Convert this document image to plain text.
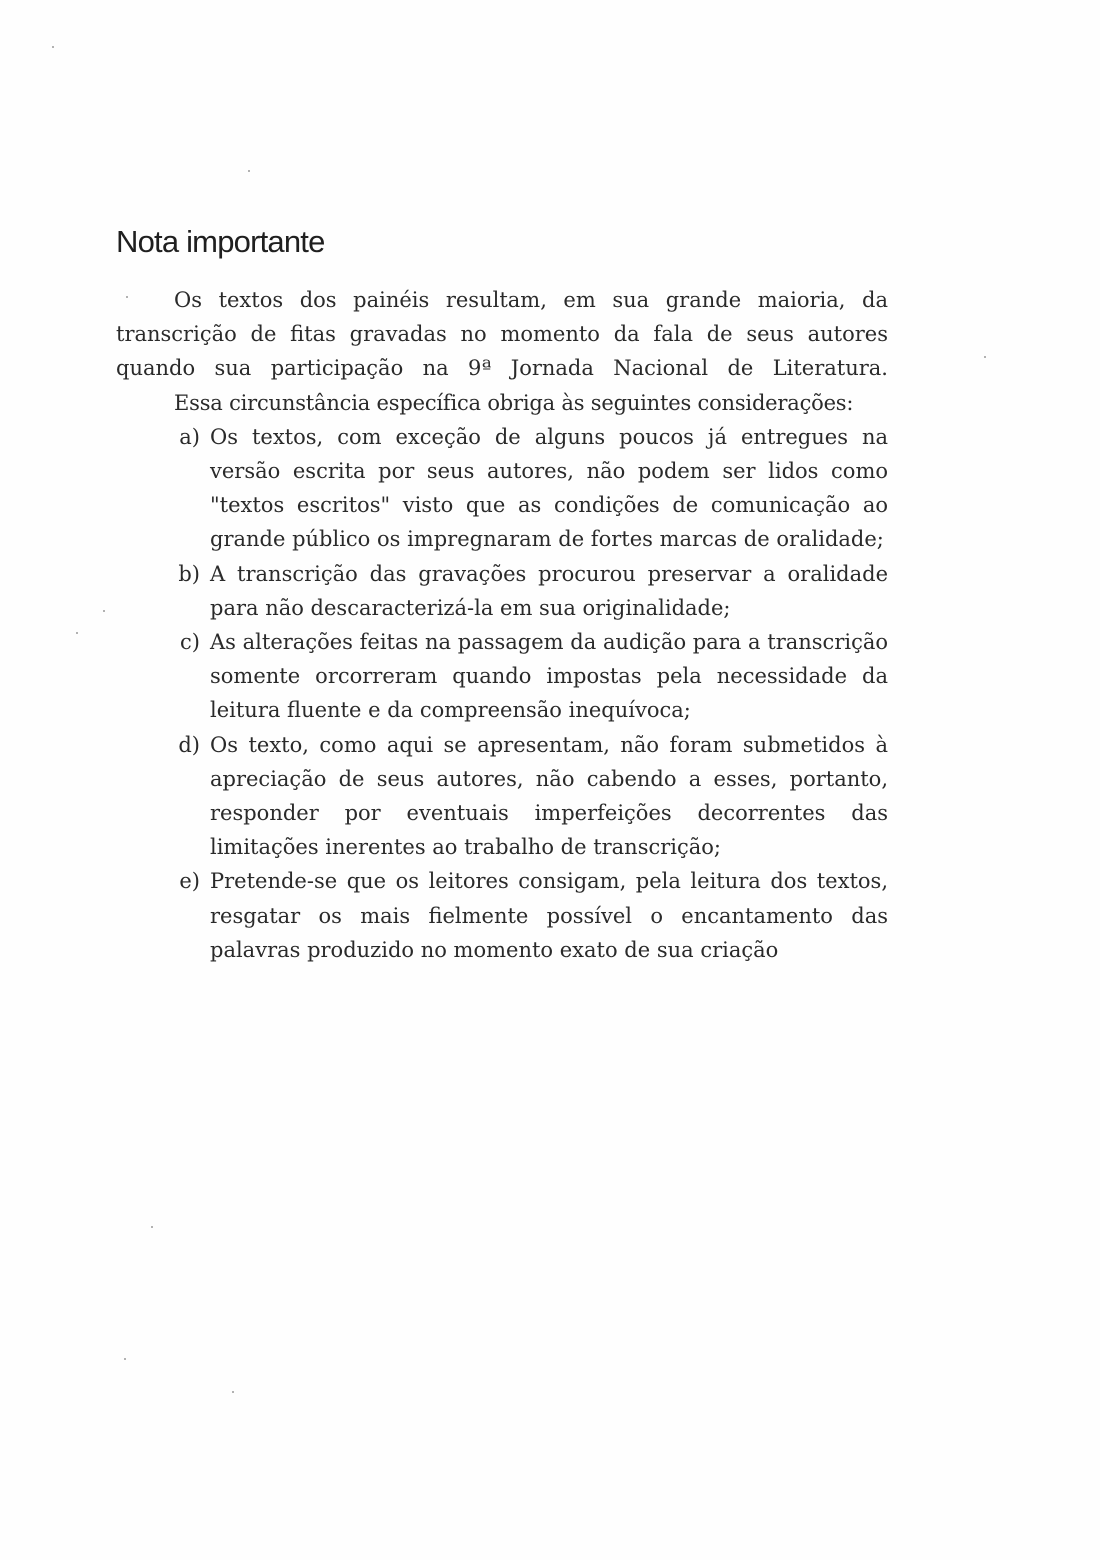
Nota importante

Os textos dos painéis resultam, em sua grande maioria, da transcrição de fitas gravadas no momento da fala de seus autores quando sua participação na 9ª Jornada Nacional de Literatura.

Essa circunstância específica obriga às seguintes considerações:

a) Os textos, com exceção de alguns poucos já entregues na versão escrita por seus autores, não podem ser lidos como "textos escritos" visto que as condições de comunicação ao grande público os impregnaram de fortes marcas de oralidade;
b) A transcrição das gravações procurou preservar a oralidade para não descaracterizá-la em sua originalidade;
c) As alterações feitas na passagem da audição para a transcrição somente orcorreram quando impostas pela necessidade da leitura fluente e da compreensão inequívoca;
d) Os texto, como aqui se apresentam, não foram submetidos à apreciação de seus autores, não cabendo a esses, portanto, responder por eventuais imperfeições decorrentes das limitações inerentes ao trabalho de transcrição;
e) Pretende-se que os leitores consigam, pela leitura dos textos, resgatar os mais fielmente possível o encantamento das palavras produzido no momento exato de sua criação
